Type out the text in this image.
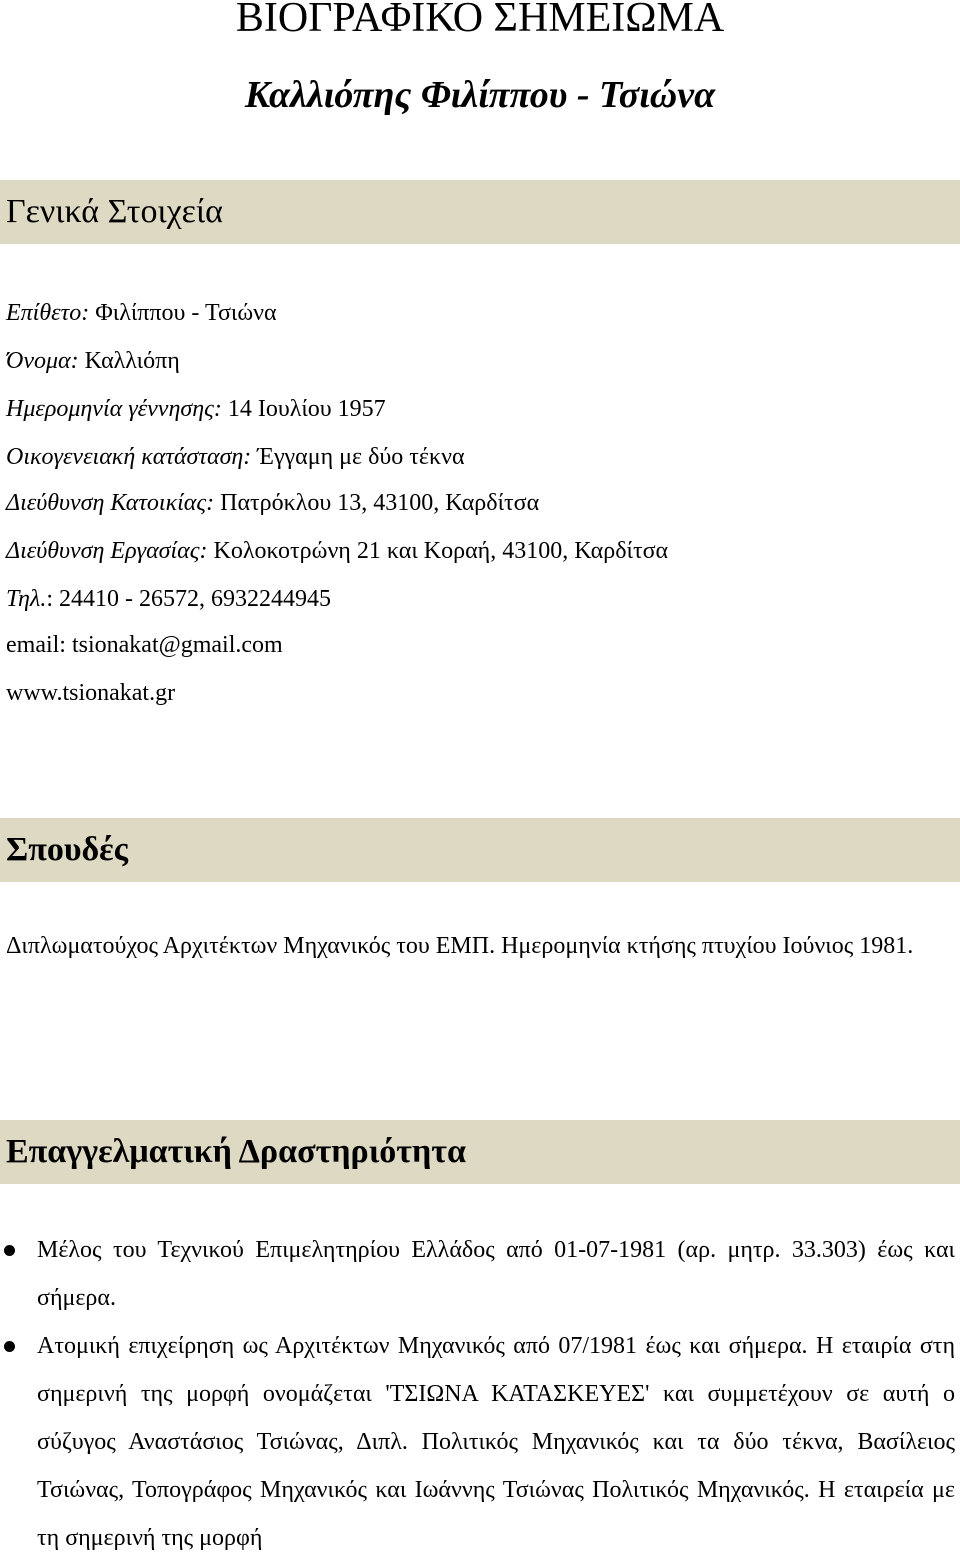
ΒΙΟΓΡΑΦΙΚΟ ΣΗΜΕΙΩΜΑ
Καλλιόπης Φιλίππου - Τσιώνα
Γενικά Στοιχεία
Επίθετο: Φιλίππου - Τσιώνα
Όνομα: Καλλιόπη
Ημερομηνία γέννησης: 14 Ιουλίου 1957
Οικογενειακή κατάσταση: Έγγαμη με δύο τέκνα
Διεύθυνση Κατοικίας: Πατρόκλου 13, 43100, Καρδίτσα
Διεύθυνση Εργασίας: Κολοκοτρώνη 21 και Κοραή, 43100, Καρδίτσα
Τηλ.: 24410 - 26572, 6932244945
email: tsionakat@gmail.com
www.tsionakat.gr
Σπουδές
Διπλωματούχος Αρχιτέκτων Μηχανικός του ΕΜΠ. Ημερομηνία κτήσης πτυχίου Ιούνιος 1981.
Επαγγελματική Δραστηριότητα
Μέλος του Τεχνικού Επιμελητηρίου Ελλάδος από 01-07-1981 (αρ. μητρ. 33.303) έως και σήμερα.
Ατομική επιχείρηση ως Αρχιτέκτων Μηχανικός από 07/1981 έως και σήμερα. Η εταιρία στη σημερινή της μορφή ονομάζεται 'ΤΣΙΩΝΑ ΚΑΤΑΣΚΕΥΕΣ' και συμμετέχουν σε αυτή ο σύζυγος Αναστάσιος Τσιώνας, Διπλ. Πολιτικός Μηχανικός και τα δύο τέκνα, Βασίλειος Τσιώνας, Τοπογράφος Μηχανικός και Ιωάννης Τσιώνας Πολιτικός Μηχανικός. Η εταιρεία με τη σημερινή της μορφή
